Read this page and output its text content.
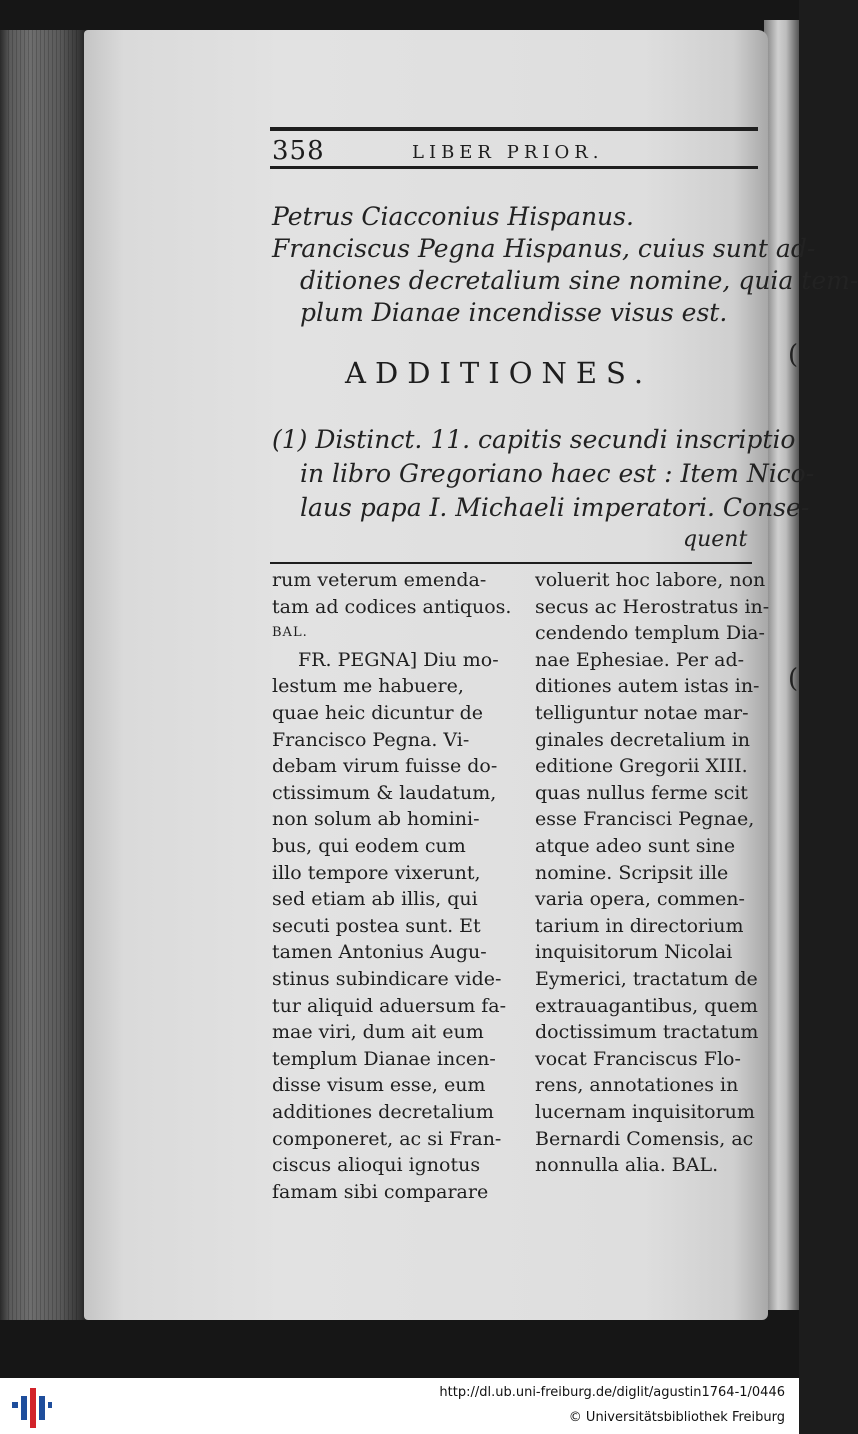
(
(
358	LIBER PRIOR.
Petrus Ciacconius Hispanus.
Franciscus Pegna Hispanus, cuius sunt ad-
ditiones decretalium sine nomine, quia tem-
plum Dianae incendisse visus est.
ADDITIONES.
(1) Distinct. 11. capitis secundi inscriptio
in libro Gregoriano haec est : Item Nico-
laus papa I. Michaeli imperatori. Conse-
quent
rum veterum emenda-
tam ad codices antiquos.
BAL.
FR. PEGNA] Diu mo-
lestum me habuere,
quae heic dicuntur de
Francisco Pegna. Vi-
debam virum fuisse do-
ctissimum & laudatum,
non solum ab homini-
bus, qui eodem cum
illo tempore vixerunt,
sed etiam ab illis, qui
secuti postea sunt. Et
tamen Antonius Augu-
stinus subindicare vide-
tur aliquid aduersum fa-
mae viri, dum ait eum
templum Dianae incen-
disse visum esse, eum
additiones decretalium
componeret, ac si Fran-
ciscus alioqui ignotus
famam sibi comparare
voluerit hoc labore, non
secus ac Herostratus in-
cendendo templum Dia-
nae Ephesiae. Per ad-
ditiones autem istas in-
telliguntur notae mar-
ginales decretalium in
editione Gregorii XIII.
quas nullus ferme scit
esse Francisci Pegnae,
atque adeo sunt sine
nomine. Scripsit ille
varia opera, commen-
tarium in directorium
inquisitorum Nicolai
Eymerici, tractatum de
extrauagantibus, quem
doctissimum tractatum
vocat Franciscus Flo-
rens, annotationes in
lucernam inquisitorum
Bernardi Comensis, ac
nonnulla alia. BAL.
http://dl.ub.uni-freiburg.de/diglit/agustin1764-1/0446
© Universitätsbibliothek Freiburg
